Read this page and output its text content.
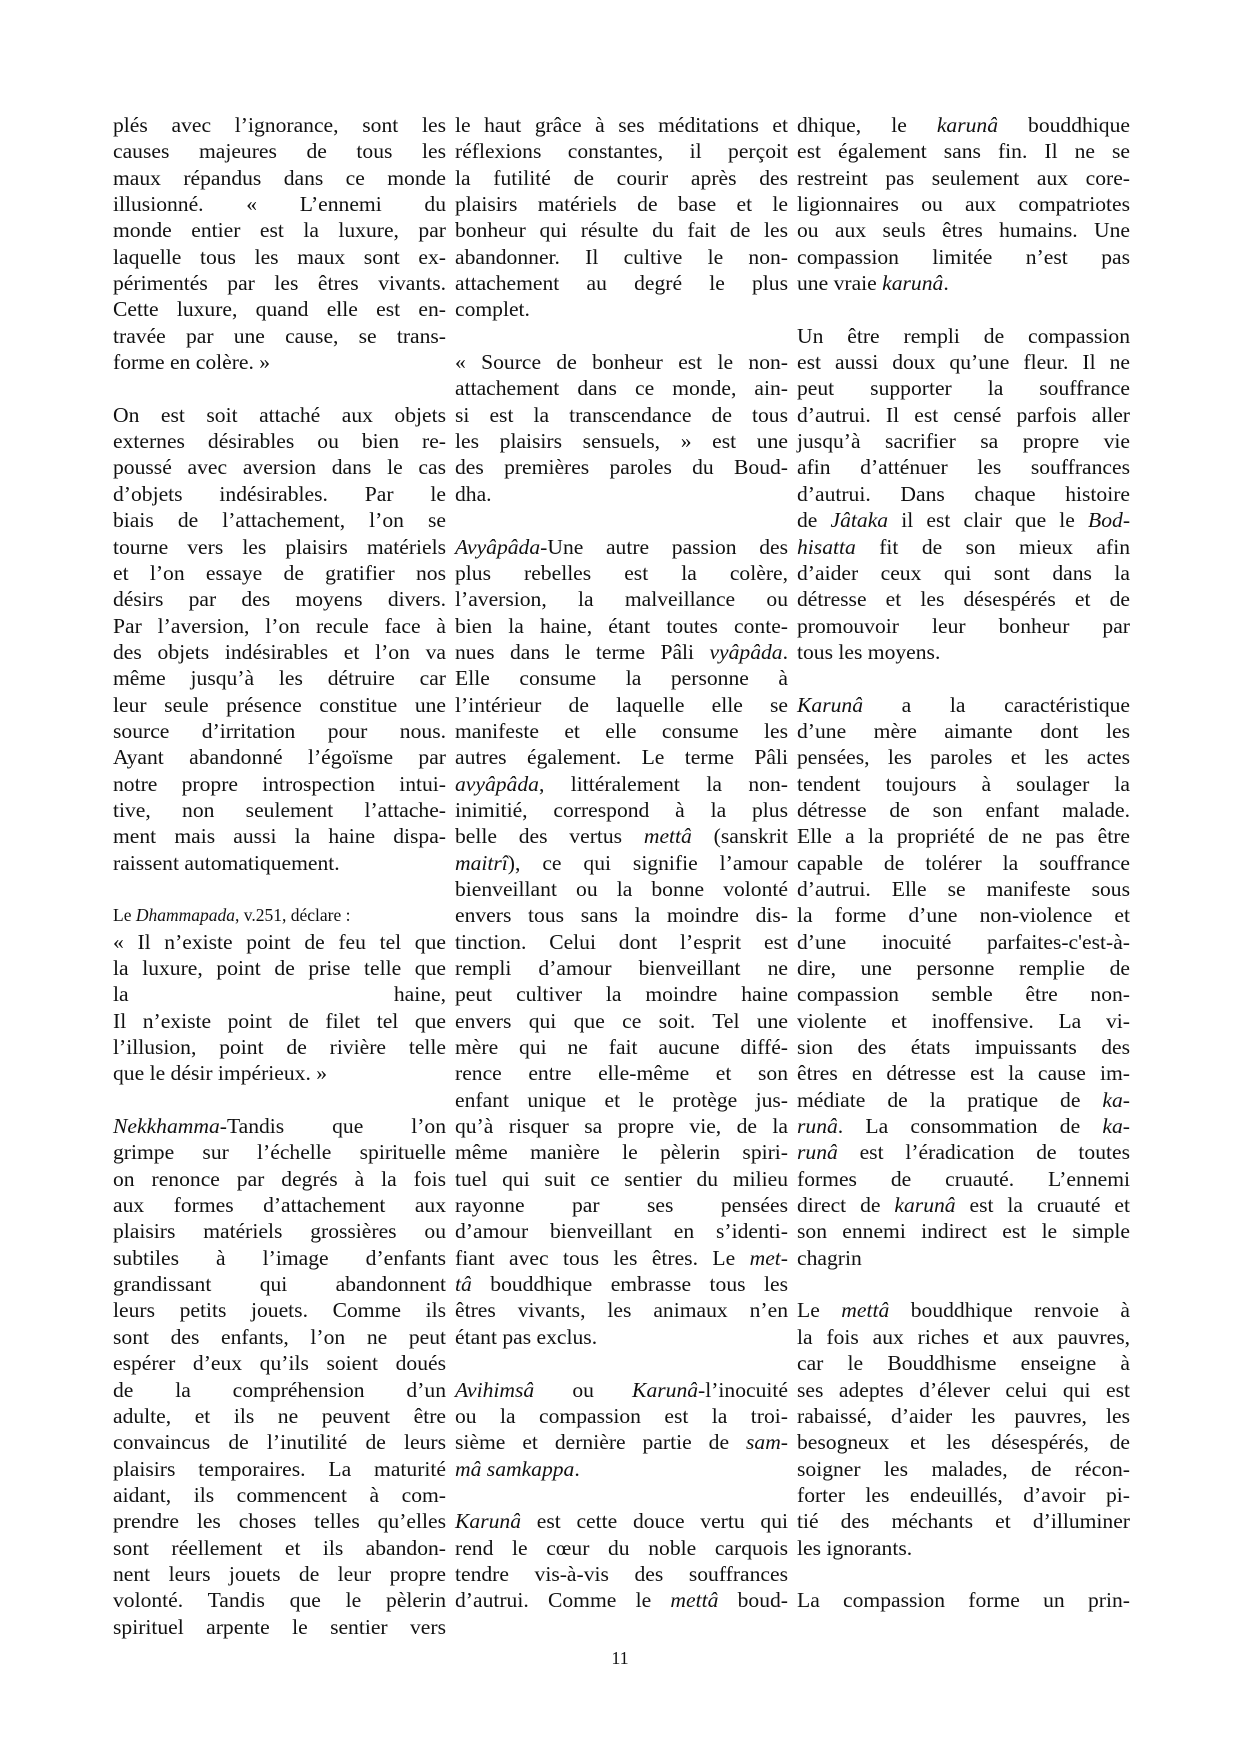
plés avec l’ignorance, sont les
causes majeures de tous les
maux répandus dans ce monde
illusionné. « L’ennemi du
monde entier est la luxure, par
laquelle tous les maux sont ex-
périmentés par les êtres vivants.
Cette luxure, quand elle est en-
travée par une cause, se trans-
forme en colère. »
On est soit attaché aux objets
externes désirables ou bien re-
poussé avec aversion dans le cas
d’objets indésirables. Par le
biais de l’attachement, l’on se
tourne vers les plaisirs matériels
et l’on essaye de gratifier nos
désirs par des moyens divers.
Par l’aversion, l’on recule face à
des objets indésirables et l’on va
même jusqu’à les détruire car
leur seule présence constitue une
source d’irritation pour nous.
Ayant abandonné l’égoïsme par
notre propre introspection intui-
tive, non seulement l’attache-
ment mais aussi la haine dispa-
raissent automatiquement.
Le Dhammapada, v.251, déclare :
« Il n’existe point de feu tel que
la luxure, point de prise telle que
la haine,
Il n’existe point de filet tel que
l’illusion, point de rivière telle
que le désir impérieux. »
Nekkhamma-Tandis que l’on
grimpe sur l’échelle spirituelle
on renonce par degrés à la fois
aux formes d’attachement aux
plaisirs matériels grossières ou
subtiles à l’image d’enfants
grandissant qui abandonnent
leurs petits jouets. Comme ils
sont des enfants, l’on ne peut
espérer d’eux qu’ils soient doués
de la compréhension d’un
adulte, et ils ne peuvent être
convaincus de l’inutilité de leurs
plaisirs temporaires. La maturité
aidant, ils commencent à com-
prendre les choses telles qu’elles
sont réellement et ils abandon-
nent leurs jouets de leur propre
volonté. Tandis que le pèlerin
spirituel arpente le sentier vers
le haut grâce à ses méditations et
réflexions constantes, il perçoit
la futilité de courir après des
plaisirs matériels de base et le
bonheur qui résulte du fait de les
abandonner. Il cultive le non-
attachement au degré le plus
complet.
« Source de bonheur est le non-
attachement dans ce monde, ain-
si est la transcendance de tous
les plaisirs sensuels, » est une
des premières paroles du Boud-
dha.
Avyâpâda-Une autre passion des
plus rebelles est la colère,
l’aversion, la malveillance ou
bien la haine, étant toutes conte-
nues dans le terme Pâli vyâpâda.
Elle consume la personne à
l’intérieur de laquelle elle se
manifeste et elle consume les
autres également. Le terme Pâli
avyâpâda, littéralement la non-
inimitié, correspond à la plus
belle des vertus mettâ (sanskrit
maitrî), ce qui signifie l’amour
bienveillant ou la bonne volonté
envers tous sans la moindre dis-
tinction. Celui dont l’esprit est
rempli d’amour bienveillant ne
peut cultiver la moindre haine
envers qui que ce soit. Tel une
mère qui ne fait aucune diffé-
rence entre elle-même et son
enfant unique et le protège jus-
qu’à risquer sa propre vie, de la
même manière le pèlerin spiri-
tuel qui suit ce sentier du milieu
rayonne par ses pensées
d’amour bienveillant en s’identi-
fiant avec tous les êtres. Le met-
tâ bouddhique embrasse tous les
êtres vivants, les animaux n’en
étant pas exclus.
Avihimsâ ou Karunâ-l’inocuité
ou la compassion est la troi-
sième et dernière partie de sam-
mâ samkappa.
Karunâ est cette douce vertu qui
rend le cœur du noble carquois
tendre vis-à-vis des souffrances
d’autrui. Comme le mettâ boud-
dhique, le karunâ bouddhique
est également sans fin. Il ne se
restreint pas seulement aux core-
ligionnaires ou aux compatriotes
ou aux seuls êtres humains. Une
compassion limitée n’est pas
une vraie karunâ.
Un être rempli de compassion
est aussi doux qu’une fleur. Il ne
peut supporter la souffrance
d’autrui. Il est censé parfois aller
jusqu’à sacrifier sa propre vie
afin d’atténuer les souffrances
d’autrui. Dans chaque histoire
de Jâtaka il est clair que le Bod-
hisatta fit de son mieux afin
d’aider ceux qui sont dans la
détresse et les désespérés et de
promouvoir leur bonheur par
tous les moyens.
Karunâ a la caractéristique
d’une mère aimante dont les
pensées, les paroles et les actes
tendent toujours à soulager la
détresse de son enfant malade.
Elle a la propriété de ne pas être
capable de tolérer la souffrance
d’autrui. Elle se manifeste sous
la forme d’une non-violence et
d’une inocuité parfaites-c'est-à-
dire, une personne remplie de
compassion semble être non-
violente et inoffensive. La vi-
sion des états impuissants des
êtres en détresse est la cause im-
médiate de la pratique de ka-
runâ. La consommation de ka-
runâ est l’éradication de toutes
formes de cruauté. L’ennemi
direct de karunâ est la cruauté et
son ennemi indirect est le simple
chagrin
Le mettâ bouddhique renvoie à
la fois aux riches et aux pauvres,
car le Bouddhisme enseigne à
ses adeptes d’élever celui qui est
rabaissé, d’aider les pauvres, les
besogneux et les désespérés, de
soigner les malades, de récon-
forter les endeuillés, d’avoir pi-
tié des méchants et d’illuminer
les ignorants.
La compassion forme un prin-
11
